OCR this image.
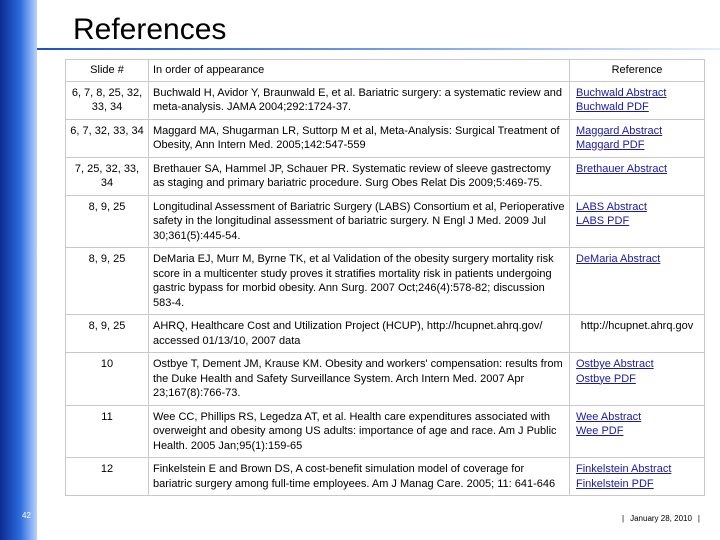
References
Slide #	In order of appearance	Reference
6, 7, 8, 25, 32, 33, 34	Buchwald H, Avidor Y, Braunwald E, et al. Bariatric surgery: a systematic review and meta-analysis. JAMA 2004;292:1724-37.	Buchwald Abstract
Buchwald PDF

6, 7, 32, 33, 34	Maggard MA, Shugarman LR, Suttorp M et al, Meta-Analysis: Surgical Treatment of Obesity, Ann Intern Med. 2005;142:547-559	Maggard Abstract
Maggard PDF

7, 25, 32, 33, 34	Brethauer SA, Hammel JP, Schauer PR. Systematic review of sleeve gastrectomy as staging and primary bariatric procedure. Surg Obes Relat Dis 2009;5:469-75.	Brethauer Abstract

8, 9, 25	Longitudinal Assessment of Bariatric Surgery (LABS) Consortium et al, Perioperative safety in the longitudinal assessment of bariatric surgery. N Engl J Med. 2009 Jul 30;361(5):445-54.	LABS Abstract
LABS PDF

8, 9, 25	DeMaria EJ, Murr M, Byrne TK, et al Validation of the obesity surgery mortality risk score in a multicenter study proves it stratifies mortality risk in patients undergoing gastric bypass for morbid obesity. Ann Surg. 2007 Oct;246(4):578-82; discussion 583-4.	DeMaria Abstract

8, 9, 25	AHRQ, Healthcare Cost and Utilization Project (HCUP), http://hcupnet.ahrq.gov/ accessed 01/13/10, 2007 data	http://hcupnet.ahrq.gov

10	Ostbye T, Dement JM, Krause KM. Obesity and workers' compensation: results from the Duke Health and Safety Surveillance System. Arch Intern Med. 2007 Apr 23;167(8):766-73.	Ostbye Abstract
Ostbye PDF

11	Wee CC, Phillips RS, Legedza AT, et al. Health care expenditures associated with overweight and obesity among US adults: importance of age and race. Am J Public Health. 2005 Jan;95(1):159-65	Wee Abstract
Wee PDF

12	Finkelstein E and Brown DS, A cost-benefit simulation model of coverage for bariatric surgery among full-time employees. Am J Manag Care. 2005; 11: 641-646	Finkelstein Abstract
Finkelstein PDF
42	| January 28, 2010 |
